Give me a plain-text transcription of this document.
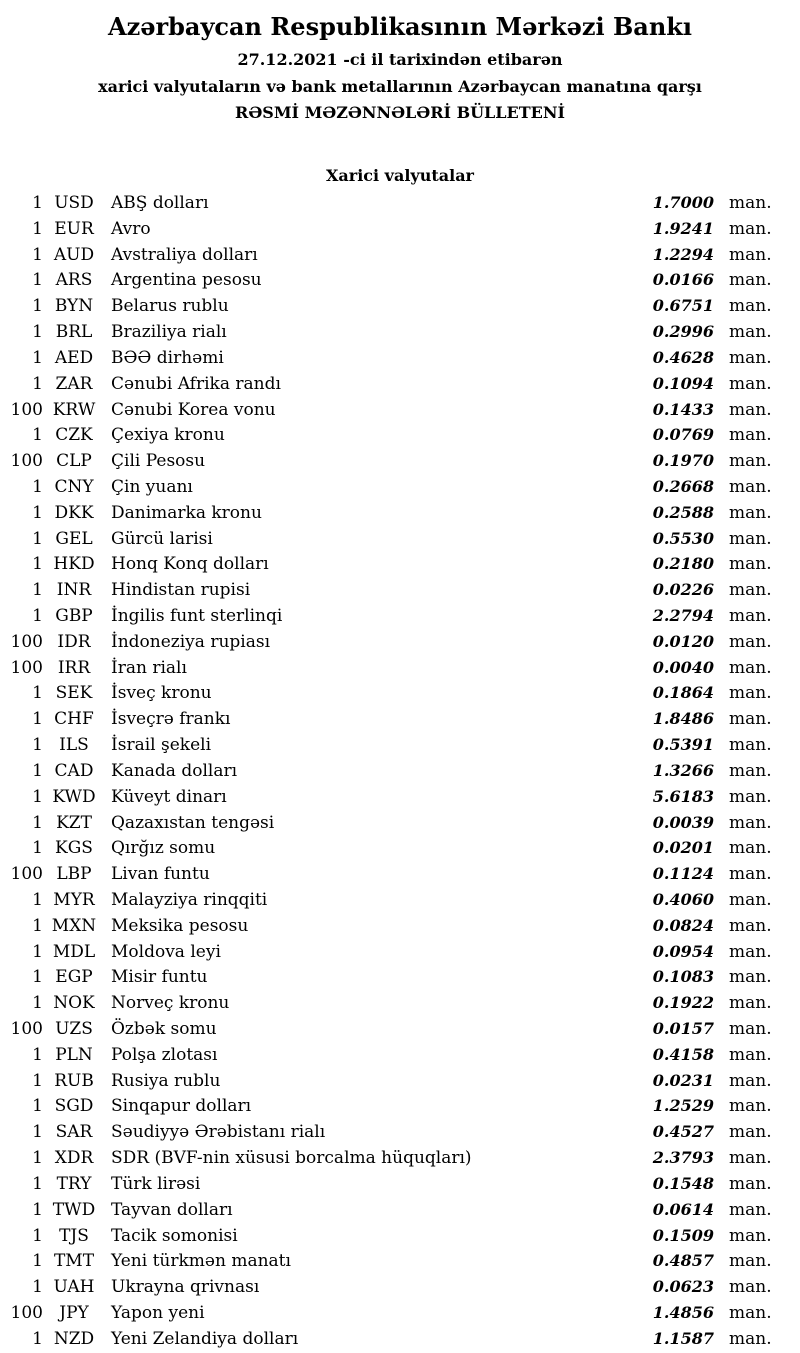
Azərbaycan Respublikasının Mərkəzi Bankı
27.12.2021 -ci il tarixindən etibarən
xarici valyutaların və bank metallarının Azərbaycan manatına qarşı
RƏSMİ MƏZƏNNƏLƏRİ BÜLLETENİ
Xarici valyutalar
1 USD	ABŞ dolları	1.7000 man.
1 EUR	Avro	1.9241 man.
1 AUD Avstraliya dolları	1.2294 man.
1 ARS	Argentina pesosu	0.0166 man.
1 BYN	Belarus rublu	0.6751 man.
1 BRL	Braziliya rialı	0.2996 man.
1 AED	BƏƏ dirhəmi	0.4628 man.
1 ZAR	Cənubi Afrika randı	0.1094 man.
100 KRW Cənubi Korea vonu	0.1433 man.
1 CZK	Çexiya kronu	0.0769 man.
100 CLP	Çili Pesosu	0.1970 man.
1 CNY	Çin yuanı	0.2668 man.
1 DKK	Danimarka kronu	0.2588 man.
1 GEL	Gürcü larisi	0.5530 man.
1 HKD Honq Konq dolları	0.2180 man.
1 INR	Hindistan rupisi	0.0226 man.
1 GBP	İngilis funt sterlinqi	2.2794 man.
100 IDR	İndoneziya rupiası	0.0120 man.
100 IRR	İran rialı	0.0040 man.
1 SEK	İsveç kronu	0.1864 man.
1 CHF	İsveçrə frankı	1.8486 man.
1 ILS	İsrail şekeli	0.5391 man.
1 CAD	Kanada dolları	1.3266 man.
1 KWD Küveyt dinarı	5.6183 man.
1 KZT	Qazaxıstan tengəsi	0.0039 man.
1 KGS	Qırğız somu	0.0201 man.
100 LBP	Livan funtu	0.1124 man.
1 MYR Malayziya rinqqiti	0.4060 man.
1 MXN Meksika pesosu	0.0824 man.
1 MDL Moldova leyi	0.0954 man.
1 EGP	Misir funtu	0.1083 man.
1 NOK Norveç kronu	0.1922 man.
100 UZS	Özbək somu	0.0157 man.
1 PLN	Polşa zlotası	0.4158 man.
1 RUB	Rusiya rublu	0.0231 man.
1 SGD	Sinqapur dolları	1.2529 man.
1 SAR	Səudiyyə Ərəbistanı rialı	0.4527 man.
1 XDR	SDR (BVF-nin xüsusi borcalma hüquqları)	2.3793 man.
1 TRY	Türk lirəsi	0.1548 man.
1 TWD Tayvan dolları	0.0614 man.
1 TJS	Tacik somonisi	0.1509 man.
1 TMT Yeni türkmən manatı	0.4857 man.
1 UAH Ukrayna qrivnası	0.0623 man.
100 JPY	Yapon yeni	1.4856 man.
1 NZD Yeni Zelandiya dolları	1.1587 man.
